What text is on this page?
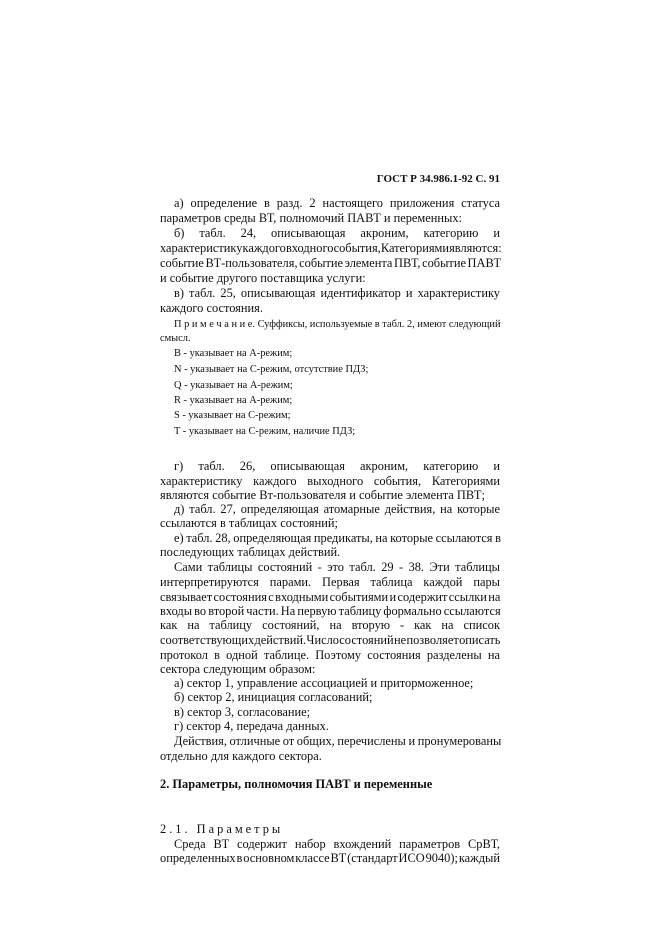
ГОСТ Р 34.986.1-92 С. 91
а) определение в разд. 2 настоящего приложения статуса
параметров среды ВТ, полномочий ПАВТ и переменных:
б) табл. 24, описывающая акроним, категорию и
характеристику каждого входного события, Категориями являются:
событие ВТ-пользователя, событие элемента ПВТ, событие ПАВТ
и событие другого поставщика услуги:
в) табл. 25, описывающая идентификатор и характеристику
каждого состояния.
П р и м е ч а н и е. Суффиксы, используемые в табл. 2, имеют следующий
смысл.
B - указывает на А-режим;
N - указывает на С-режим, отсутствие ПДЗ;
Q - указывает на А-режим;
R - указывает на А-режим;
S - указывает на С-режим;
T - указывает на С-режим, наличие ПДЗ;
г) табл. 26, описывающая акроним, категорию и
характеристику каждого выходного события, Категориями
являются событие Вт-пользователя и событие элемента ПВТ;
д) табл. 27, определяющая атомарные действия, на которые
ссылаются в таблицах состояний;
е) табл. 28, определяющая предикаты, на которые ссылаются в
последующих таблицах действий.
Сами таблицы состояний - это табл. 29 - 38. Эти таблицы
интерпретируются парами. Первая таблица каждой пары
связывает состояния с входными событиями и содержит ссылки на
входы во второй части. На первую таблицу формально ссылаются
как на таблицу состояний, на вторую - как на список
соответствующих действий. Число состояний не позволяет описать
протокол в одной таблице. Поэтому состояния разделены на
сектора следующим образом:
а) сектор 1, управление ассоциацией и приторможенное;
б) сектор 2, инициация согласований;
в) сектор 3, согласование;
г) сектор 4, передача данных.
Действия, отличные от общих, перечислены и пронумерованы
отдельно для каждого сектора.
2. Параметры, полномочия ПАВТ и переменные
2.1. Параметры
Среда ВТ содержит набор вхождений параметров СрВТ,
определенных в основном классе ВТ (стандарт ИСО 9040); каждый
